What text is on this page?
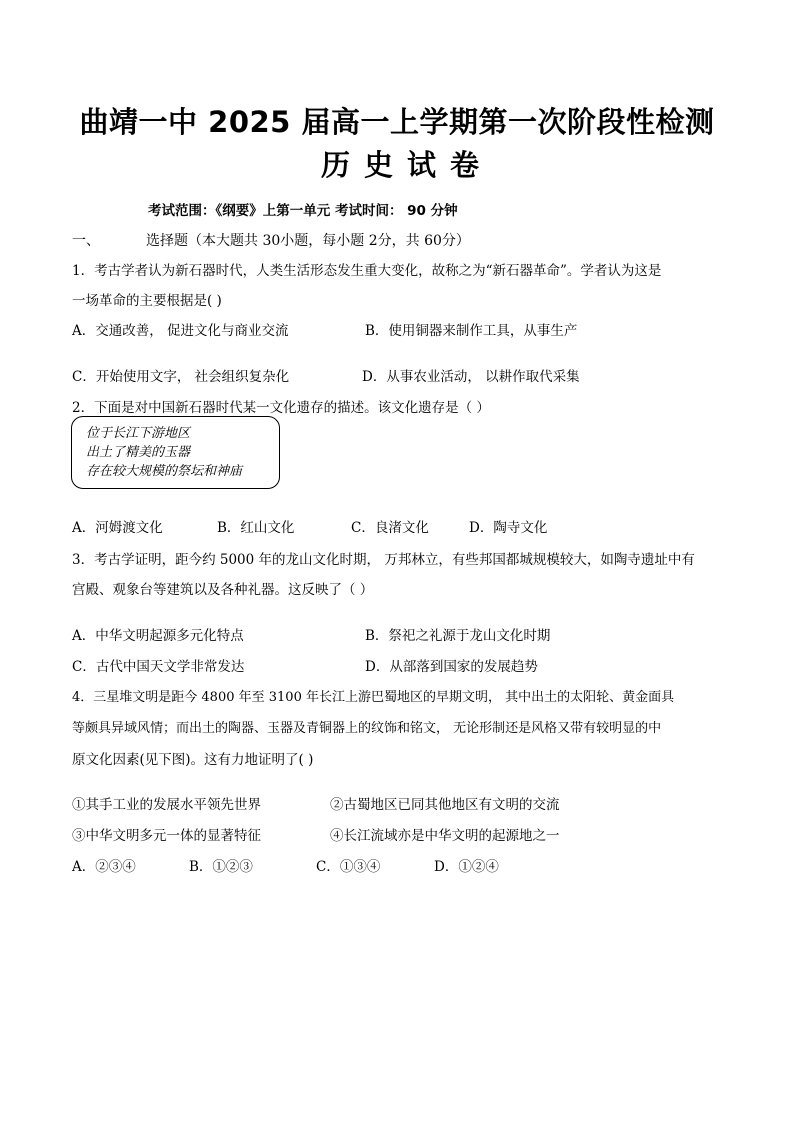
曲靖一中 2025 届高一上学期第一次阶段性检测
历史试卷
考试范围：《纲要》上第一单元 考试时间： 90 分钟
一、	选择题（本大题共 30小题，每小题 2分，共 60分）
1．考古学者认为新石器时代，人类生活形态发生重大变化，故称之为“新石器革命”。学者认为这是
一场革命的主要根据是( )
A．交通改善， 促进文化与商业交流	B．使用铜器来制作工具，从事生产
C．开始使用文字， 社会组织复杂化	D．从事农业活动， 以耕作取代采集
2．下面是对中国新石器时代某一文化遗存的描述。该文化遗存是（ ）
位于长江下游地区
出土了精美的玉器
存在较大规模的祭坛和神庙
A．河姆渡文化	B．红山文化	C．良渚文化	D．陶寺文化
3．考古学证明，距今约 5000 年的龙山文化时期， 万邦林立，有些邦国都城规模较大，如陶寺遗址中有
宫殿、观象台等建筑以及各种礼器。这反映了（ ）
A．中华文明起源多元化特点	B．祭祀之礼源于龙山文化时期
C．古代中国天文学非常发达	D．从部落到国家的发展趋势
4．三星堆文明是距今 4800 年至 3100 年长江上游巴蜀地区的早期文明， 其中出土的太阳轮、黄金面具
等颇具异域风情；而出土的陶器、玉器及青铜器上的纹饰和铭文， 无论形制还是风格又带有较明显的中
原文化因素(见下图)。这有力地证明了( )
①其手工业的发展水平领先世界	②古蜀地区已同其他地区有文明的交流
③中华文明多元一体的显著特征	④长江流域亦是中华文明的起源地之一
A．②③④	B．①②③	C．①③④	D．①②④
